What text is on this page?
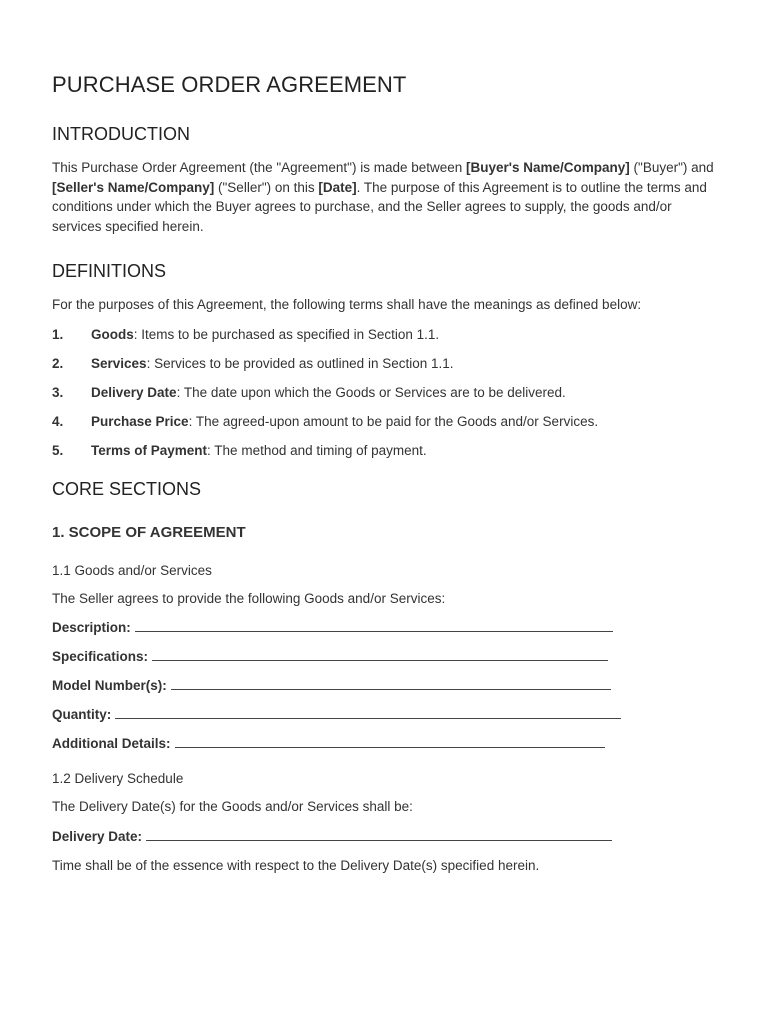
PURCHASE ORDER AGREEMENT
INTRODUCTION

This Purchase Order Agreement (the "Agreement") is made between [Buyer's Name/Company] ("Buyer") and [Seller's Name/Company] ("Seller") on this [Date]. The purpose of this Agreement is to outline the terms and conditions under which the Buyer agrees to purchase, and the Seller agrees to supply, the goods and/or services specified herein.

DEFINITIONS

For the purposes of this Agreement, the following terms shall have the meanings as defined below:

1.	Goods: Items to be purchased as specified in Section 1.1.
2.	Services: Services to be provided as outlined in Section 1.1.
3.	Delivery Date: The date upon which the Goods or Services are to be delivered.
4.	Purchase Price: The agreed-upon amount to be paid for the Goods and/or Services.
5.	Terms of Payment: The method and timing of payment.
CORE SECTIONS
1. SCOPE OF AGREEMENT
1.1 Goods and/or Services

The Seller agrees to provide the following Goods and/or Services:

Description:
Specifications:
Model Number(s):
Quantity:
Additional Details:
1.2 Delivery Schedule

The Delivery Date(s) for the Goods and/or Services shall be:

Delivery Date:

Time shall be of the essence with respect to the Delivery Date(s) specified herein.
